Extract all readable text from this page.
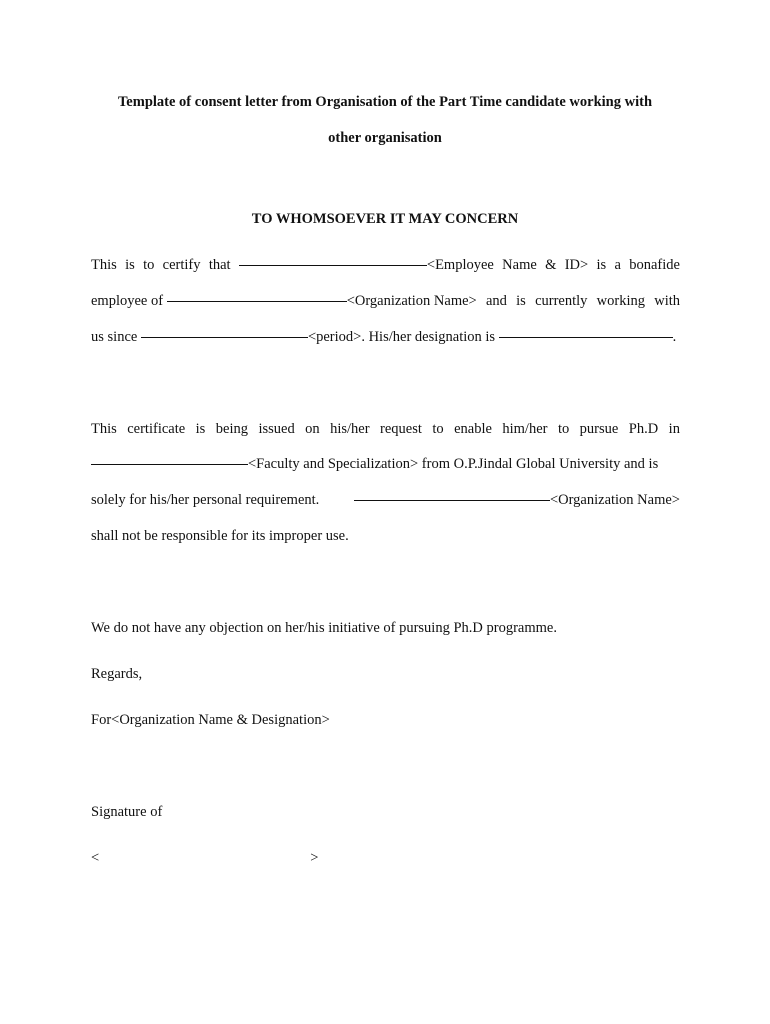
Template of consent letter from Organisation of the Part Time candidate working with
other organisation
TO WHOMSOEVER IT MAY CONCERN
This is to certify that	<Employee Name & ID> is a bonafide
employee of	<Organization Name> and is currently working with
us since	<period>. His/her designation is	.
This certificate is being issued on his/her request to enable him/her to pursue Ph.D in
<Faculty and Specialization> from O.P.Jindal Global University and is
solely for his/her personal requirement.	<Organization Name>
shall not be responsible for its improper use.
We do not have any objection on her/his initiative of pursuing Ph.D programme.
Regards,
For<Organization Name & Designation>
Signature of
<	>
